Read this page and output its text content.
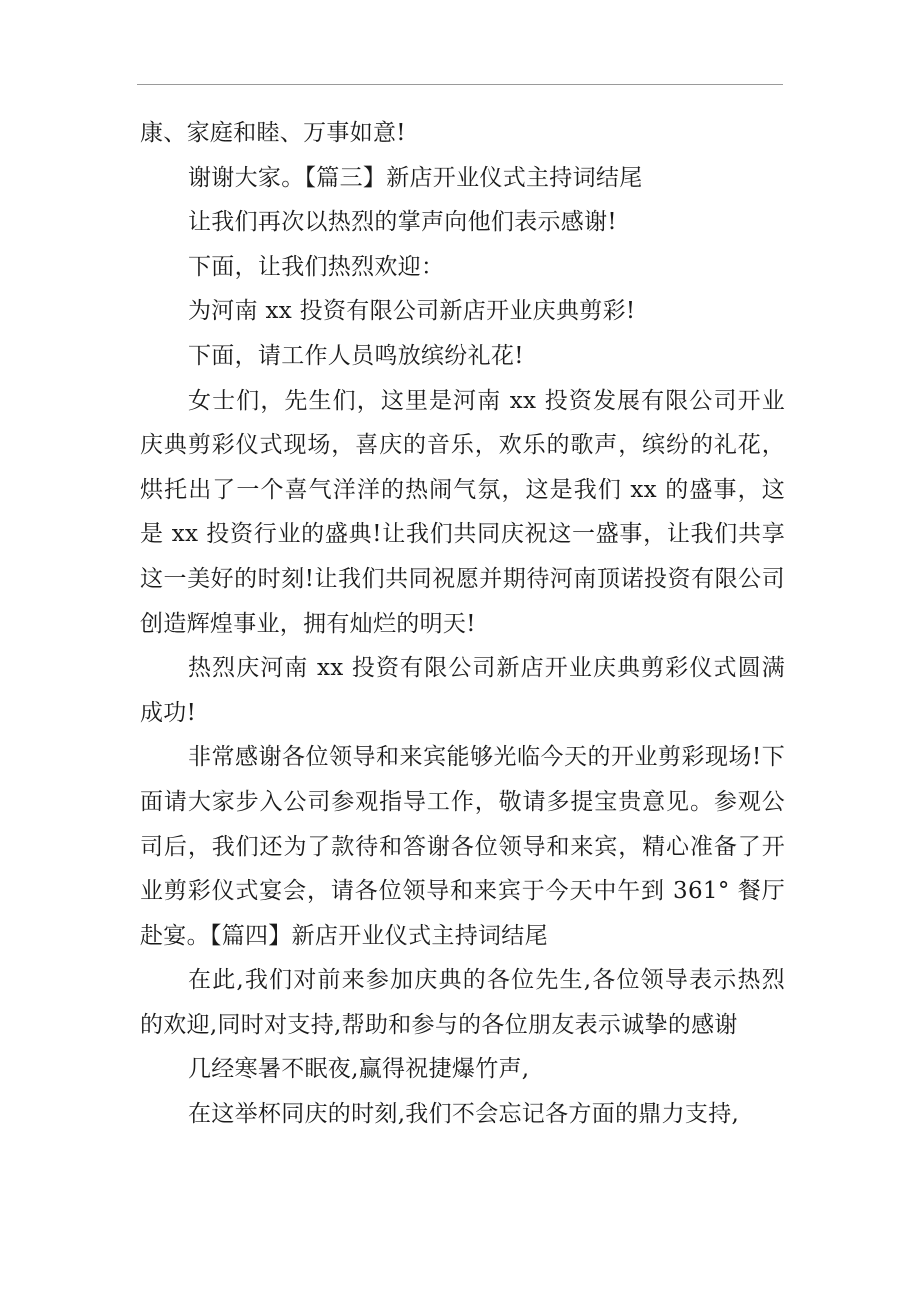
康、家庭和睦、万事如意!

谢谢大家。【篇三】新店开业仪式主持词结尾

让我们再次以热烈的掌声向他们表示感谢!

下面，让我们热烈欢迎：

为河南 xx 投资有限公司新店开业庆典剪彩!

下面，请工作人员鸣放缤纷礼花!

女士们，先生们，这里是河南 xx 投资发展有限公司开业庆典剪彩仪式现场，喜庆的音乐，欢乐的歌声，缤纷的礼花，烘托出了一个喜气洋洋的热闹气氛，这是我们 xx 的盛事，这是 xx 投资行业的盛典!让我们共同庆祝这一盛事，让我们共享这一美好的时刻!让我们共同祝愿并期待河南顶诺投资有限公司创造辉煌事业，拥有灿烂的明天!

热烈庆河南 xx 投资有限公司新店开业庆典剪彩仪式圆满成功!

非常感谢各位领导和来宾能够光临今天的开业剪彩现场!下面请大家步入公司参观指导工作，敬请多提宝贵意见。参观公司后，我们还为了款待和答谢各位领导和来宾，精心准备了开业剪彩仪式宴会，请各位领导和来宾于今天中午到 361° 餐厅赴宴。【篇四】新店开业仪式主持词结尾

在此,我们对前来参加庆典的各位先生,各位领导表示热烈的欢迎,同时对支持,帮助和参与的各位朋友表示诚挚的感谢

几经寒暑不眠夜,赢得祝捷爆竹声,

在这举杯同庆的时刻,我们不会忘记各方面的鼎力支持,
